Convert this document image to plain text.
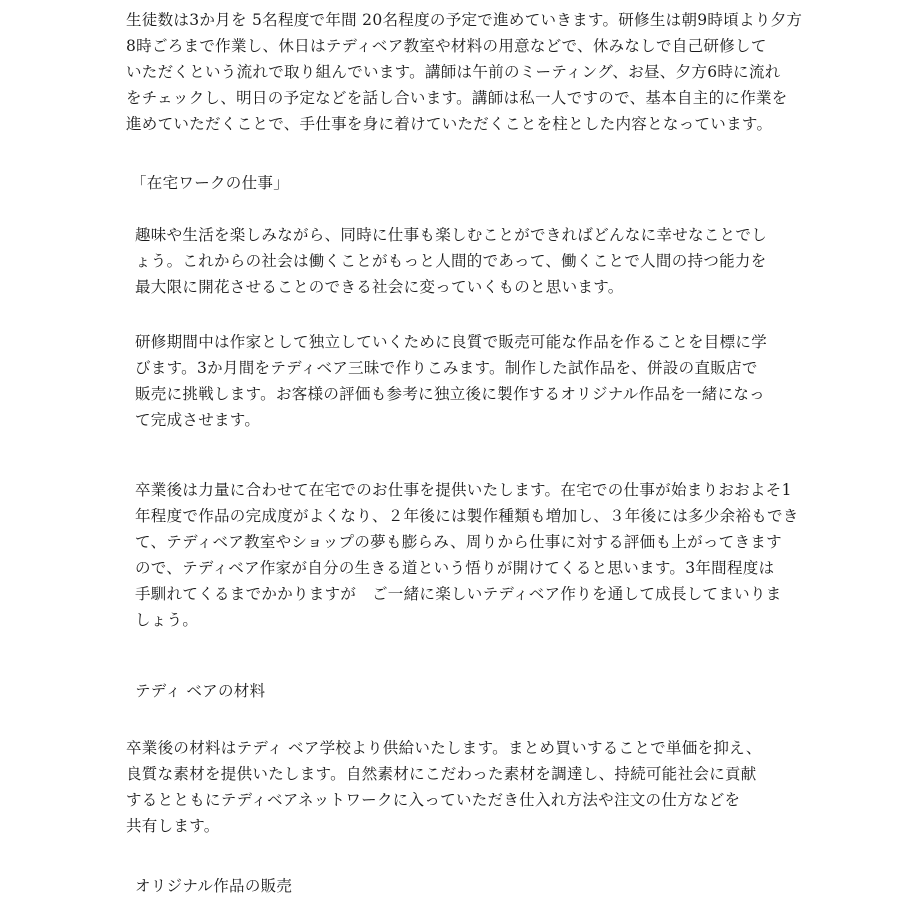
生徒数は3か月を 5名程度で年間 20名程度の予定で進めていきます。研修生は朝9時頃より夕方
8時ごろまで作業し、休日はテディベア教室や材料の用意などで、休みなしで自己研修して
いただくという流れで取り組んでいます。講師は午前のミーティング、お昼、夕方6時に流れ
をチェックし、明日の予定などを話し合います。講師は私一人ですので、基本自主的に作業を
進めていただくことで、手仕事を身に着けていただくことを柱とした内容となっています。

「在宅ワークの仕事」

趣味や生活を楽しみながら、同時に仕事も楽しむことができればどんなに幸せなことでし
ょう。これからの社会は働くことがもっと人間的であって、働くことで人間の持つ能力を
最大限に開花させることのできる社会に変っていくものと思います。

研修期間中は作家として独立していくために良質で販売可能な作品を作ることを目標に学
びます。3か月間をテディベア三昧で作りこみます。制作した試作品を、併設の直販店で
販売に挑戦します。お客様の評価も参考に独立後に製作するオリジナル作品を一緒になっ
て完成させます。

卒業後は力量に合わせて在宅でのお仕事を提供いたします。在宅での仕事が始まりおおよそ1
年程度で作品の完成度がよくなり、２年後には製作種類も増加し、３年後には多少余裕もでき
て、テディベア教室やショップの夢も膨らみ、周りから仕事に対する評価も上がってきます
ので、テディベア作家が自分の生きる道という悟りが開けてくると思います。3年間程度は
手馴れてくるまでかかりますが　ご一緒に楽しいテディベア作りを通して成長してまいりま
しょう。

テディ ベアの材料

卒業後の材料はテディ ベア学校より供給いたします。まとめ買いすることで単価を抑え、
良質な素材を提供いたします。自然素材にこだわった素材を調達し、持続可能社会に貢献
するとともにテディベアネットワークに入っていただき仕入れ方法や注文の仕方などを
共有します。

オリジナル作品の販売
